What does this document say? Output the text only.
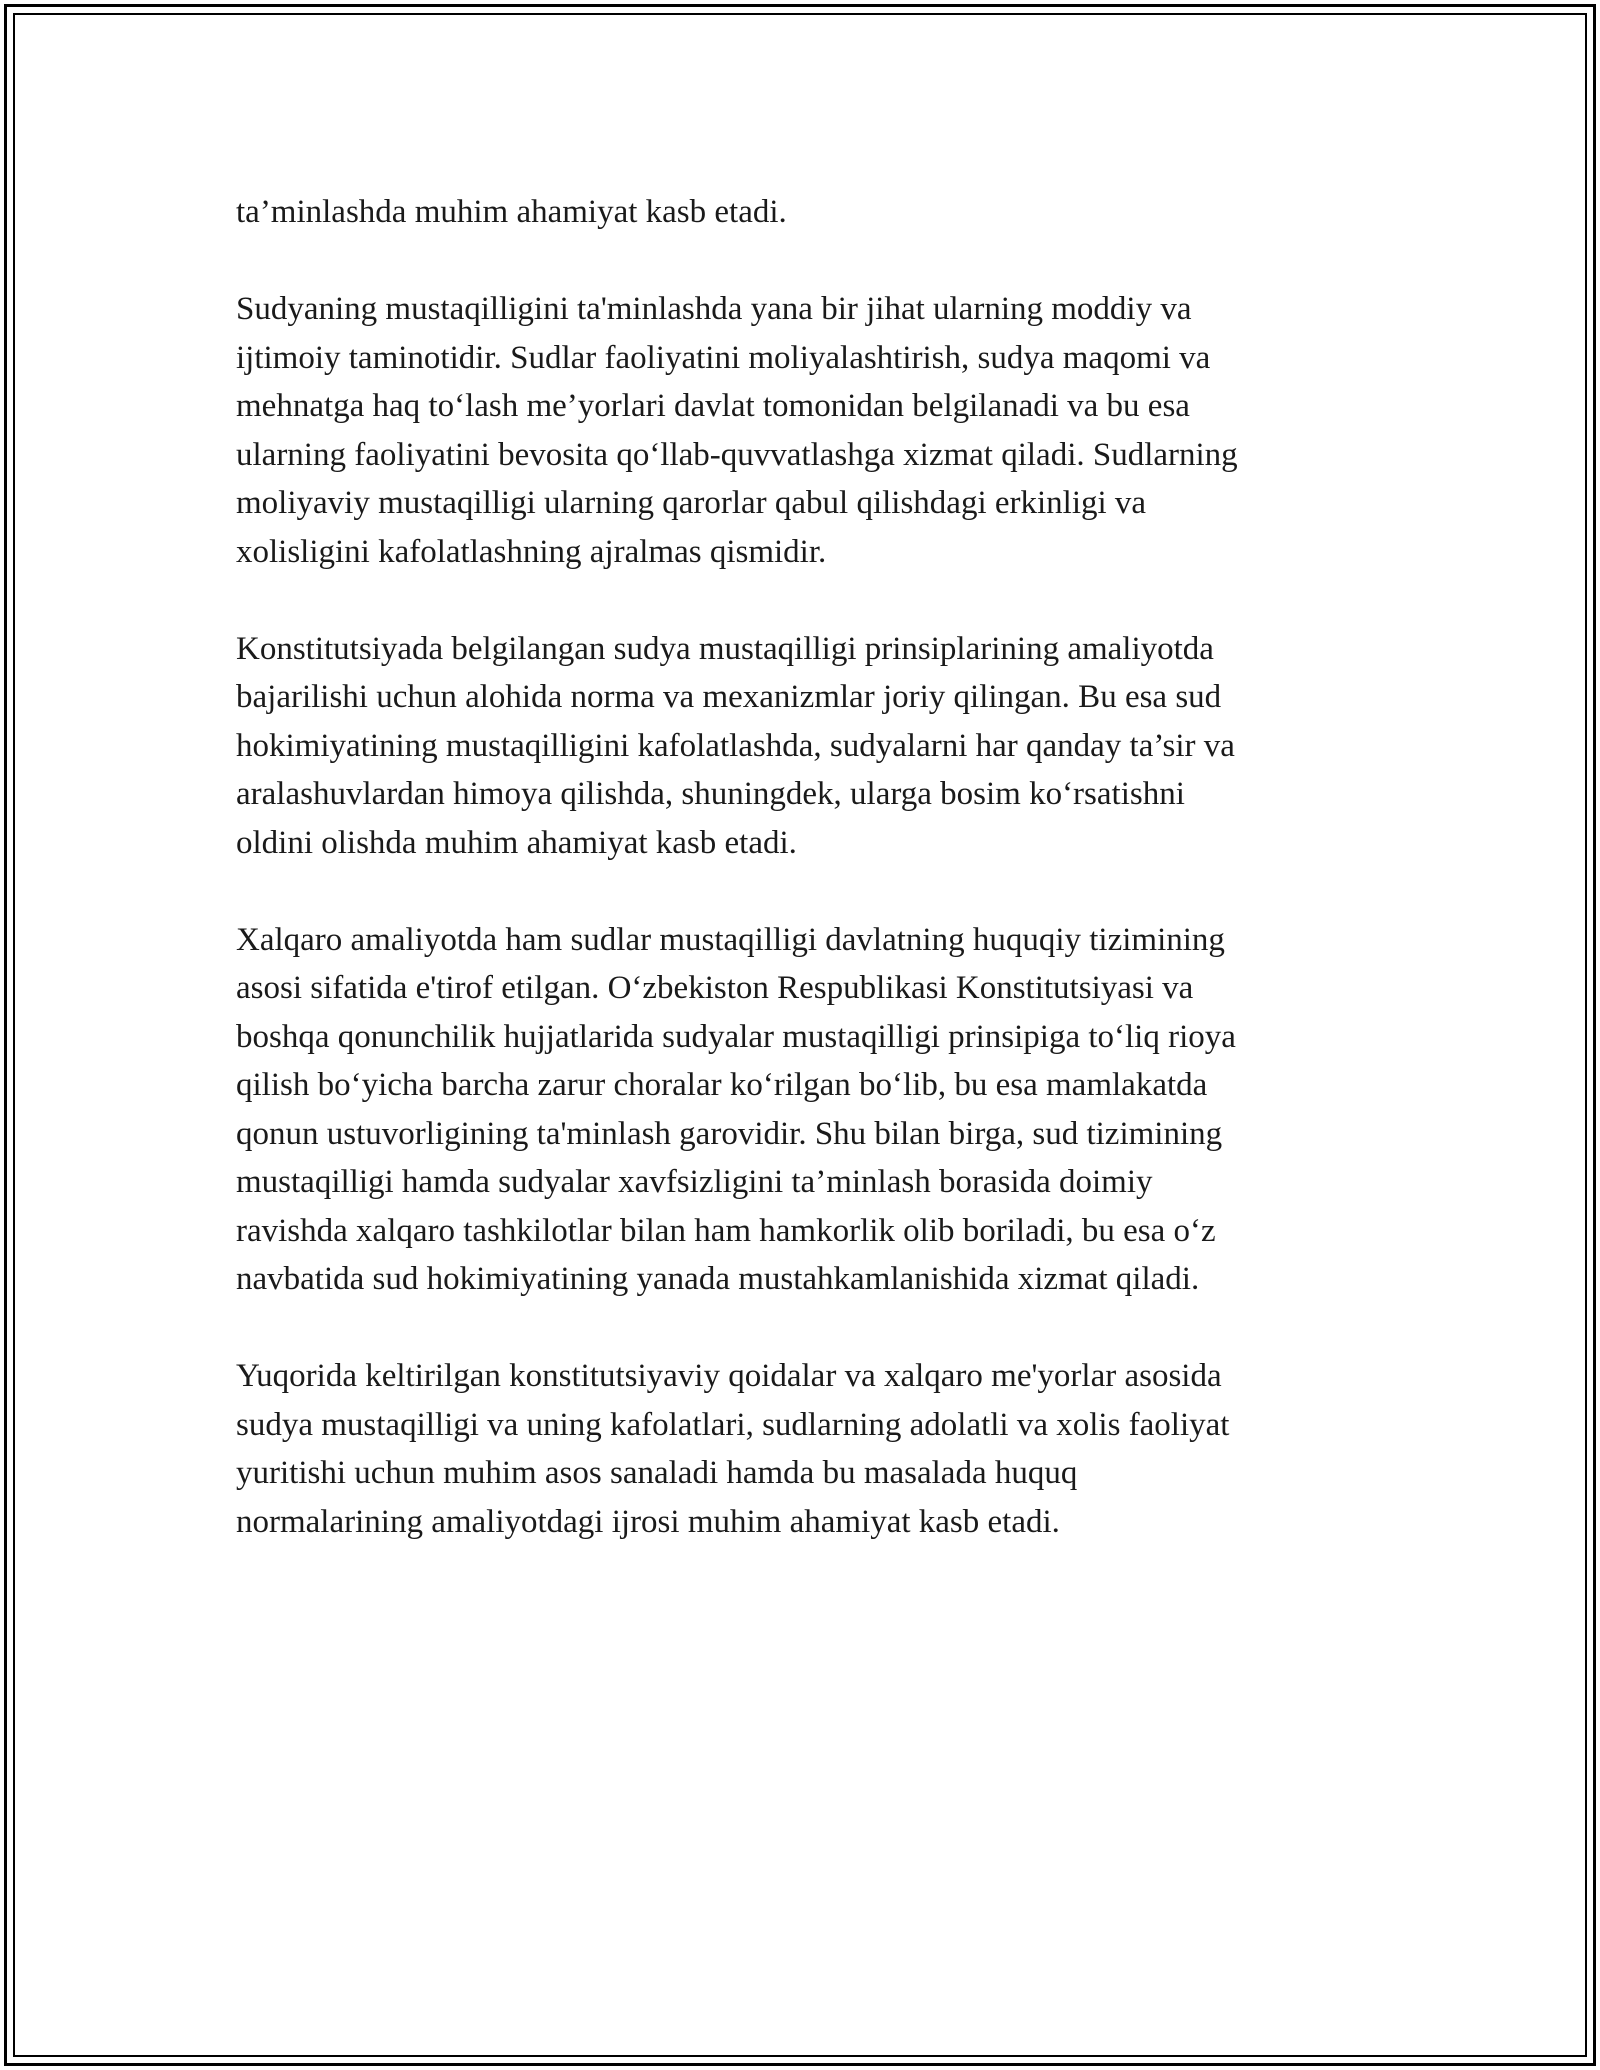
ta’minlashda muhim ahamiyat kasb etadi.

Sudyaning mustaqilligini ta'minlashda yana bir jihat ularning moddiy va
ijtimoiy taminotidir. Sudlar faoliyatini moliyalashtirish, sudya maqomi va
mehnatga haq to‘lash me’yorlari davlat tomonidan belgilanadi va bu esa
ularning faoliyatini bevosita qo‘llab-quvvatlashga xizmat qiladi. Sudlarning
moliyaviy mustaqilligi ularning qarorlar qabul qilishdagi erkinligi va
xolisligini kafolatlashning ajralmas qismidir.

Konstitutsiyada belgilangan sudya mustaqilligi prinsiplarining amaliyotda
bajarilishi uchun alohida norma va mexanizmlar joriy qilingan. Bu esa sud
hokimiyatining mustaqilligini kafolatlashda, sudyalarni har qanday ta’sir va
aralashuvlardan himoya qilishda, shuningdek, ularga bosim ko‘rsatishni
oldini olishda muhim ahamiyat kasb etadi.

Xalqaro amaliyotda ham sudlar mustaqilligi davlatning huquqiy tizimining
asosi sifatida e'tirof etilgan. O‘zbekiston Respublikasi Konstitutsiyasi va
boshqa qonunchilik hujjatlarida sudyalar mustaqilligi prinsipiga to‘liq rioya
qilish bo‘yicha barcha zarur choralar ko‘rilgan bo‘lib, bu esa mamlakatda
qonun ustuvorligining ta'minlash garovidir. Shu bilan birga, sud tizimining
mustaqilligi hamda sudyalar xavfsizligini ta’minlash borasida doimiy
ravishda xalqaro tashkilotlar bilan ham hamkorlik olib boriladi, bu esa o‘z
navbatida sud hokimiyatining yanada mustahkamlanishida xizmat qiladi.

Yuqorida keltirilgan konstitutsiyaviy qoidalar va xalqaro me'yorlar asosida
sudya mustaqilligi va uning kafolatlari, sudlarning adolatli va xolis faoliyat
yuritishi uchun muhim asos sanaladi hamda bu masalada huquq
normalarining amaliyotdagi ijrosi muhim ahamiyat kasb etadi.
